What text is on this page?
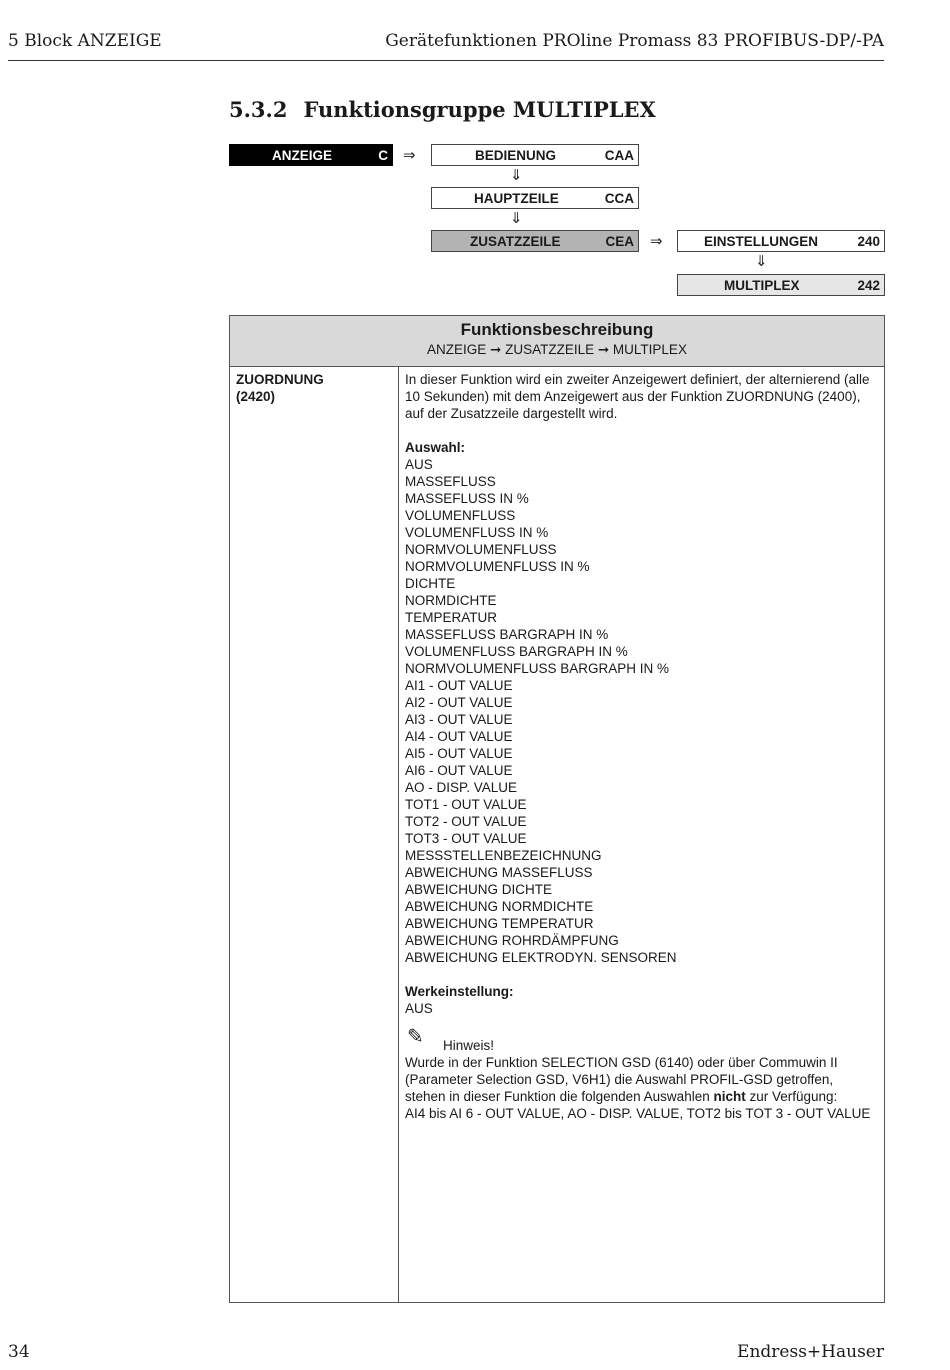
5 Block ANZEIGE	Gerätefunktionen PROline Promass 83 PROFIBUS-DP/-PA
5.3.2 Funktionsgruppe MULTIPLEX
ANZEIGE	C ⇒	BEDIENUNG	CAA
⇓
HAUPTZEILE	CCA
⇓
ZUSATZZEILE	CEA ⇒	EINSTELLUNGEN	240
⇓
MULTIPLEX	242
Funktionsbeschreibung
ANZEIGE ➞ ZUSATZZEILE ➞ MULTIPLEX
ZUORDNUNG
(2420)

In dieser Funktion wird ein zweiter Anzeigewert definiert, der alternierend (alle 10 Sekunden) mit dem Anzeigewert aus der Funktion ZUORDNUNG (2400), auf der Zusatzzeile dargestellt wird.

Auswahl:

AUS
MASSEFLUSS
MASSEFLUSS IN %
VOLUMENFLUSS
VOLUMENFLUSS IN %
NORMVOLUMENFLUSS
NORMVOLUMENFLUSS IN %
DICHTE
NORMDICHTE
TEMPERATUR
MASSEFLUSS BARGRAPH IN %
VOLUMENFLUSS BARGRAPH IN %
NORMVOLUMENFLUSS BARGRAPH IN %
AI1 - OUT VALUE
AI2 - OUT VALUE
AI3 - OUT VALUE
AI4 - OUT VALUE
AI5 - OUT VALUE
AI6 - OUT VALUE
AO - DISP. VALUE
TOT1 - OUT VALUE
TOT2 - OUT VALUE
TOT3 - OUT VALUE
MESSSTELLENBEZEICHNUNG
ABWEICHUNG MASSEFLUSS
ABWEICHUNG DICHTE
ABWEICHUNG NORMDICHTE
ABWEICHUNG TEMPERATUR
ABWEICHUNG ROHRDÄMPFUNG
ABWEICHUNG ELEKTRODYN. SENSOREN

Werkeinstellung:

AUS

✎ Hinweis!

Wurde in der Funktion SELECTION GSD (6140) oder über Commuwin II (Parameter Selection GSD, V6H1) die Auswahl PROFIL-GSD getroffen, stehen in dieser Funktion die folgenden Auswahlen nicht zur Verfügung:

AI4 bis AI 6 - OUT VALUE, AO - DISP. VALUE, TOT2 bis TOT 3 - OUT VALUE

34	Endress+Hauser
